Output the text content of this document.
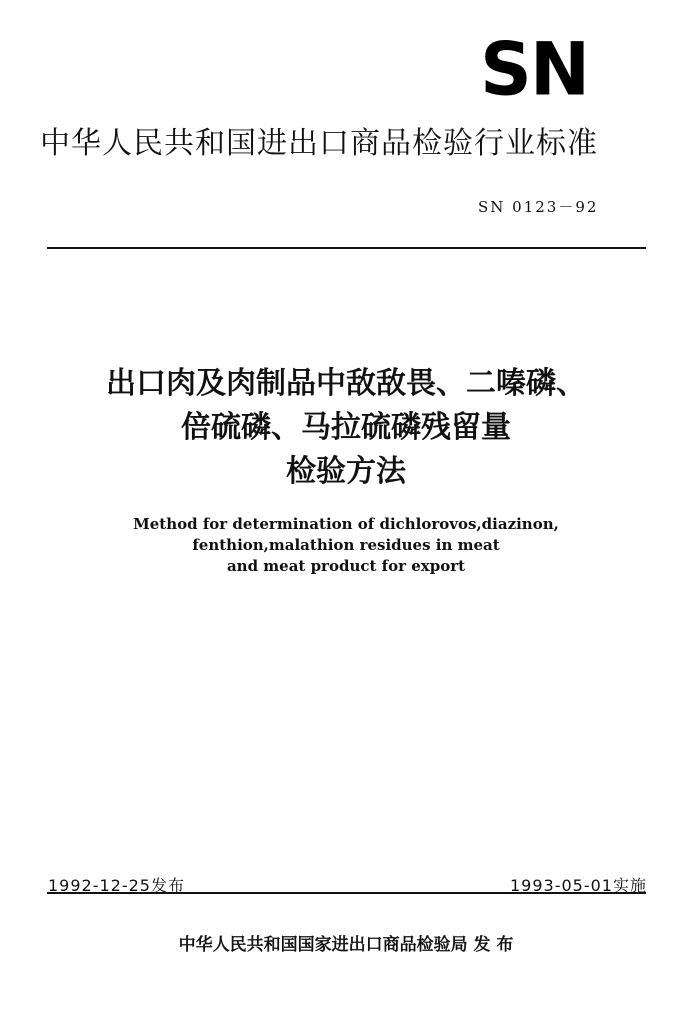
SN
中华人民共和国进出口商品检验行业标准
SN 0123－92
出口肉及肉制品中敌敌畏、二嗪磷、
倍硫磷、马拉硫磷残留量
检验方法
Method for determination of dichlorovos,diazinon,
fenthion,malathion residues in meat
and meat product for export
1992-12-25发布	1993-05-01实施
中华人民共和国国家进出口商品检验局 发 布
